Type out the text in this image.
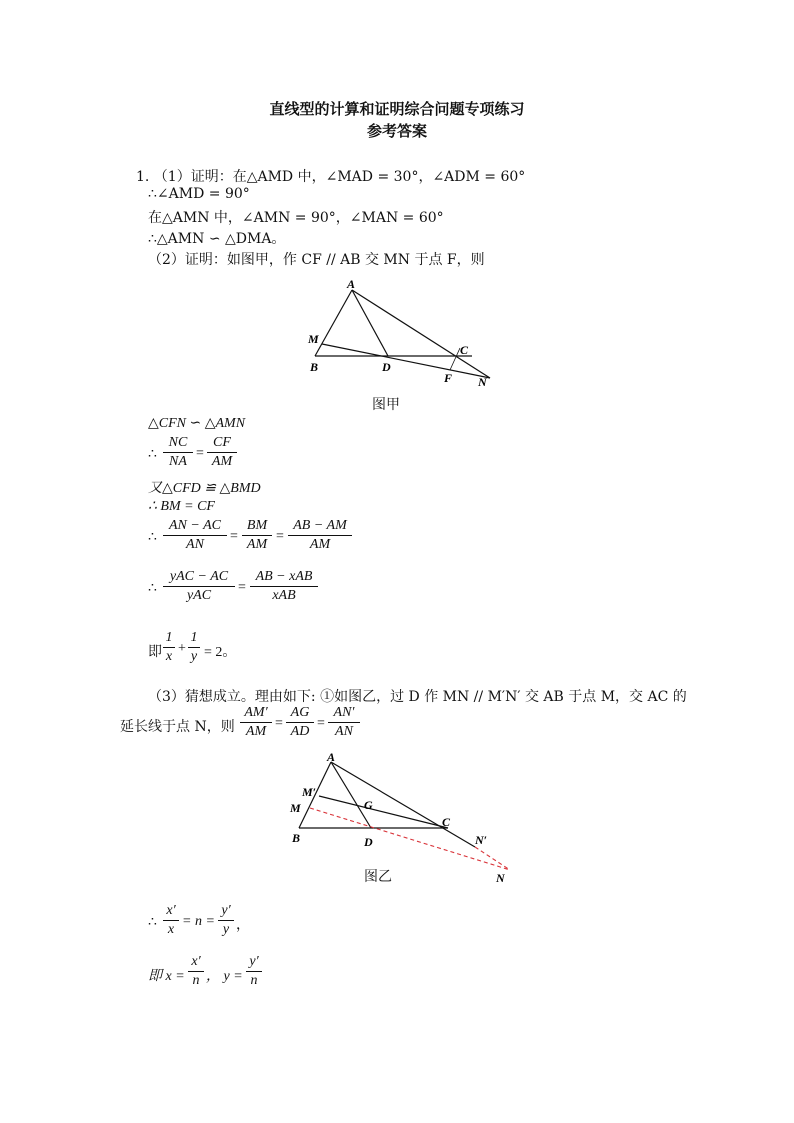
直线型的计算和证明综合问题专项练习
参考答案
1. （1）证明：在△AMD 中，∠MAD = 30°，∠ADM = 60°
∴∠AMD = 90°
在△AMN 中，∠AMN = 90°，∠MAN = 60°
∴△AMN ∽ △DMA。
（2）证明：如图甲，作 CF // AB 交 MN 于点 F，则
A
M
B	D
C
F N
图甲
△CFN ∽ △AMN
∴
NC
NA
=
CF
AM
又△CFD ≌ △BMD
∴ BM = CF
∴
AN − AC
AN
=
BM
AM
=
AB − AM
AM
∴
yAC − AC
yAC
=
AB − xAB
xAB
即
1
x
+
1
y = 2。
（3）猜想成立。理由如下: ①如图乙，过 D 作 MN // M′N′ 交 AB 于点 M，交 AC 的
延长线于点 N，则
AM′
AM
=
AG
AD
=
AN′
AN
A
M′
M	G
B	D
C
N′
N
图乙
∴
x′
x
= n =
y′
y ，
即 x =
x′
n ， y =
y′
n
